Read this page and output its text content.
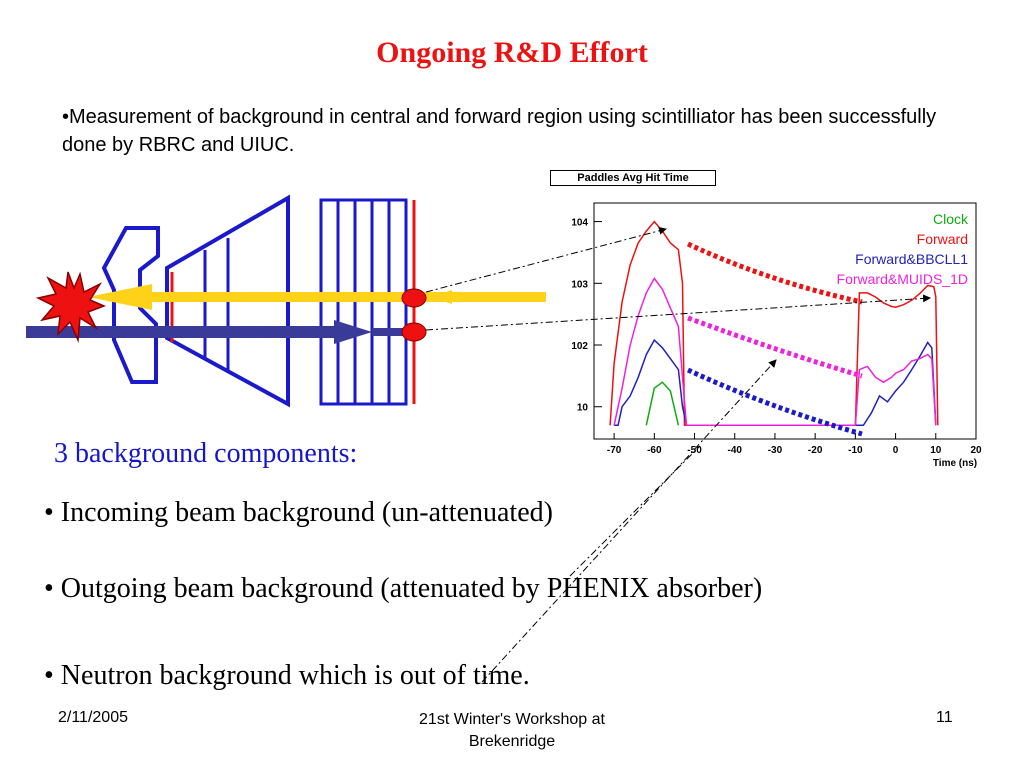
Ongoing R&D Effort
•Measurement of background in central and forward region using scintilliator has been successfully done by RBRC and UIUC.
-70	-60	-50	-40	-30	-20	-10	0	10	20
10
102
103
104
Time (ns)
Clock
Forward
Forward&BBCLL1
Forward&MUIDS_1D
Paddles Avg Hit Time
3 background components:
• Incoming beam background (un-attenuated)
• Outgoing beam background (attenuated by PHENIX absorber)
• Neutron background which is out of time.
2/11/2005	21st Winter's Workshop at Brekenridge
11
